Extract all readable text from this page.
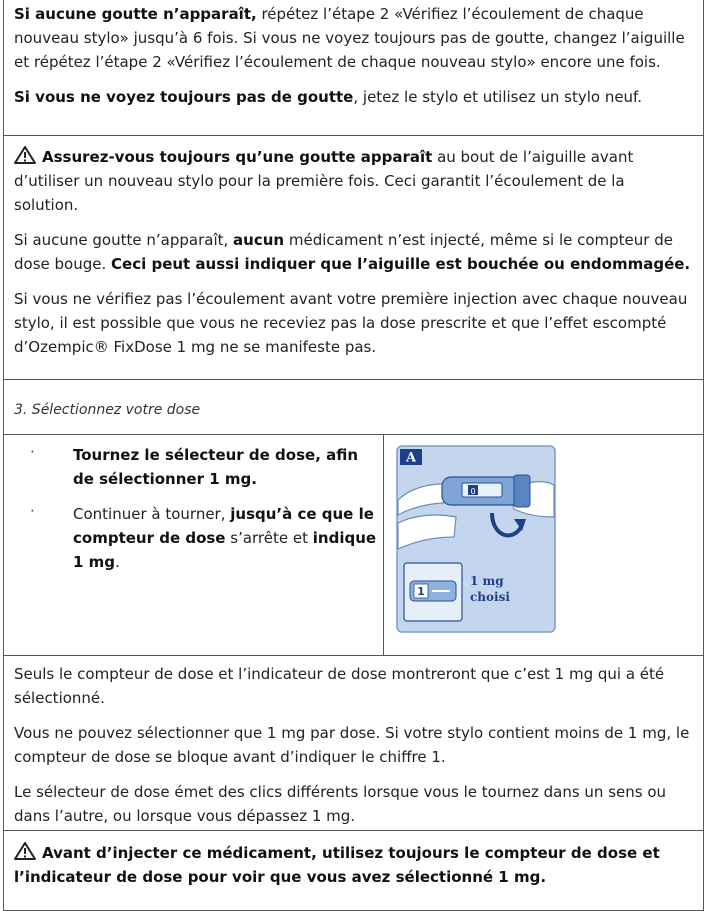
Si aucune goutte n’apparaît, répétez l’étape 2 «Vérifiez l’écoulement de chaque nouveau stylo» jusqu’à 6 fois. Si vous ne voyez toujours pas de goutte, changez l’aiguille et répétez l’étape 2 «Vérifiez l’écoulement de chaque nouveau stylo» encore une fois.

Si vous ne voyez toujours pas de goutte, jetez le stylo et utilisez un stylo neuf.

Assurez-vous toujours qu’une goutte apparaît au bout de l’aiguille avant d’utiliser un nouveau stylo pour la première fois. Ceci garantit l’écoulement de la solution.

Si aucune goutte n’apparaît, aucun médicament n’est injecté, même si le compteur de dose bouge. Ceci peut aussi indiquer que l’aiguille est bouchée ou endommagée.

Si vous ne vérifiez pas l’écoulement avant votre première injection avec chaque nouveau stylo, il est possible que vous ne receviez pas la dose prescrite et que l’effet escompté d’Ozempic® FixDose 1 mg ne se manifeste pas.

3. Sélectionnez votre dose

·	Tournez le sélecteur de dose, afin de sélectionner 1 mg.
·	Continuer à tourner, jusqu’à ce que le compteur de dose s’arrête et indique 1 mg.
A
0
1
1 mg
choisi

Seuls le compteur de dose et l’indicateur de dose montreront que c’est 1 mg qui a été sélectionné.

Vous ne pouvez sélectionner que 1 mg par dose. Si votre stylo contient moins de 1 mg, le compteur de dose se bloque avant d’indiquer le chiffre 1.

Le sélecteur de dose émet des clics différents lorsque vous le tournez dans un sens ou dans l’autre, ou lorsque vous dépassez 1 mg.

Avant d’injecter ce médicament, utilisez toujours le compteur de dose et l’indicateur de dose pour voir que vous avez sélectionné 1 mg.
